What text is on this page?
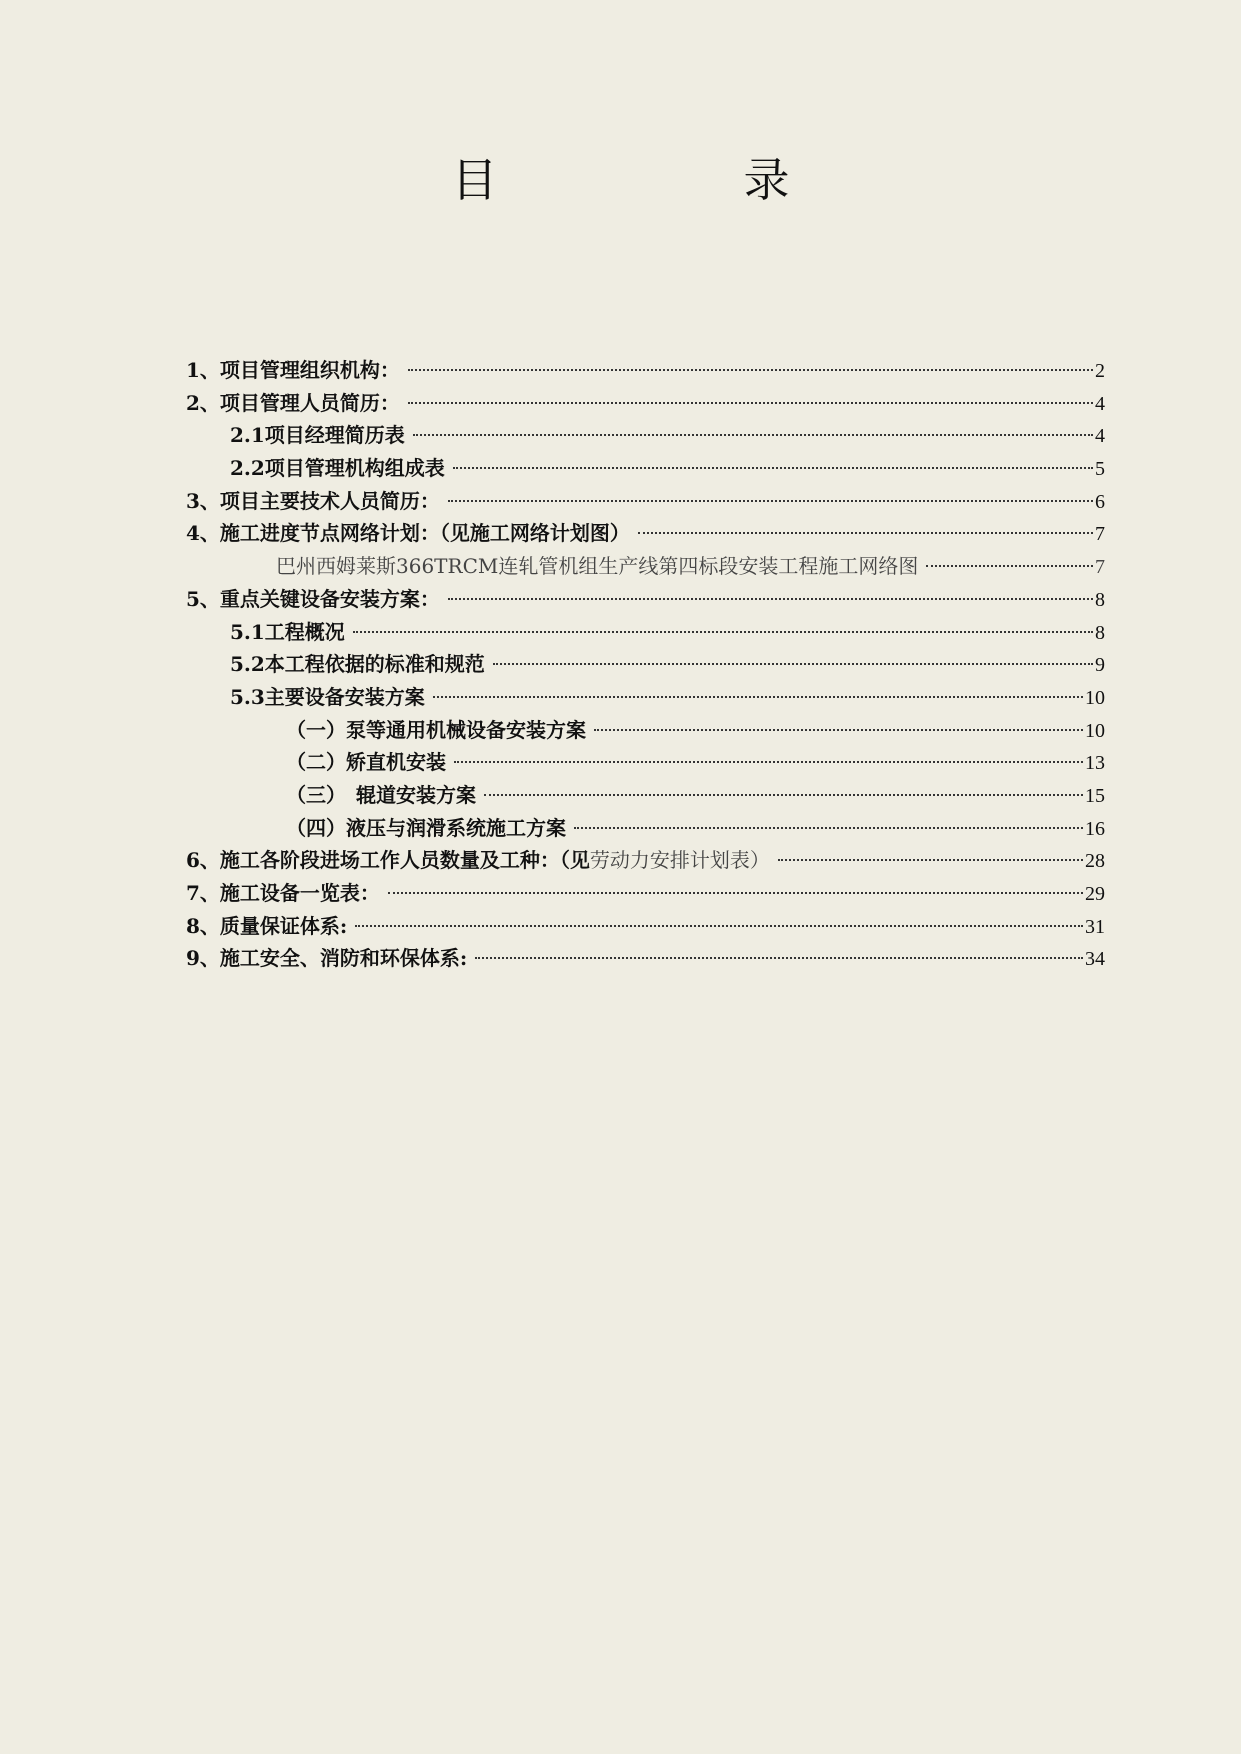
目　录
1、项目管理组织机构：	2
2、项目管理人员简历：	4
2.1项目经理简历表	4
2.2项目管理机构组成表	5
3、项目主要技术人员简历：	6
4、施工进度节点网络计划：（见施工网络计划图）	7
巴州西姆莱斯366TRCM连轧管机组生产线第四标段安装工程施工网络图	7
5、重点关键设备安装方案：	8
5.1工程概况	8
5.2本工程依据的标准和规范	9
5.3主要设备安装方案	10
（一）泵等通用机械设备安装方案	10
（二）矫直机安装	13
（三）　辊道安装方案	15
（四）液压与润滑系统施工方案	16
6、施工各阶段进场工作人员数量及工种：（见 劳动力安排计划表）	28
7、施工设备一览表：	29
8、质量保证体系:	31
9、施工安全、消防和环保体系:	34
